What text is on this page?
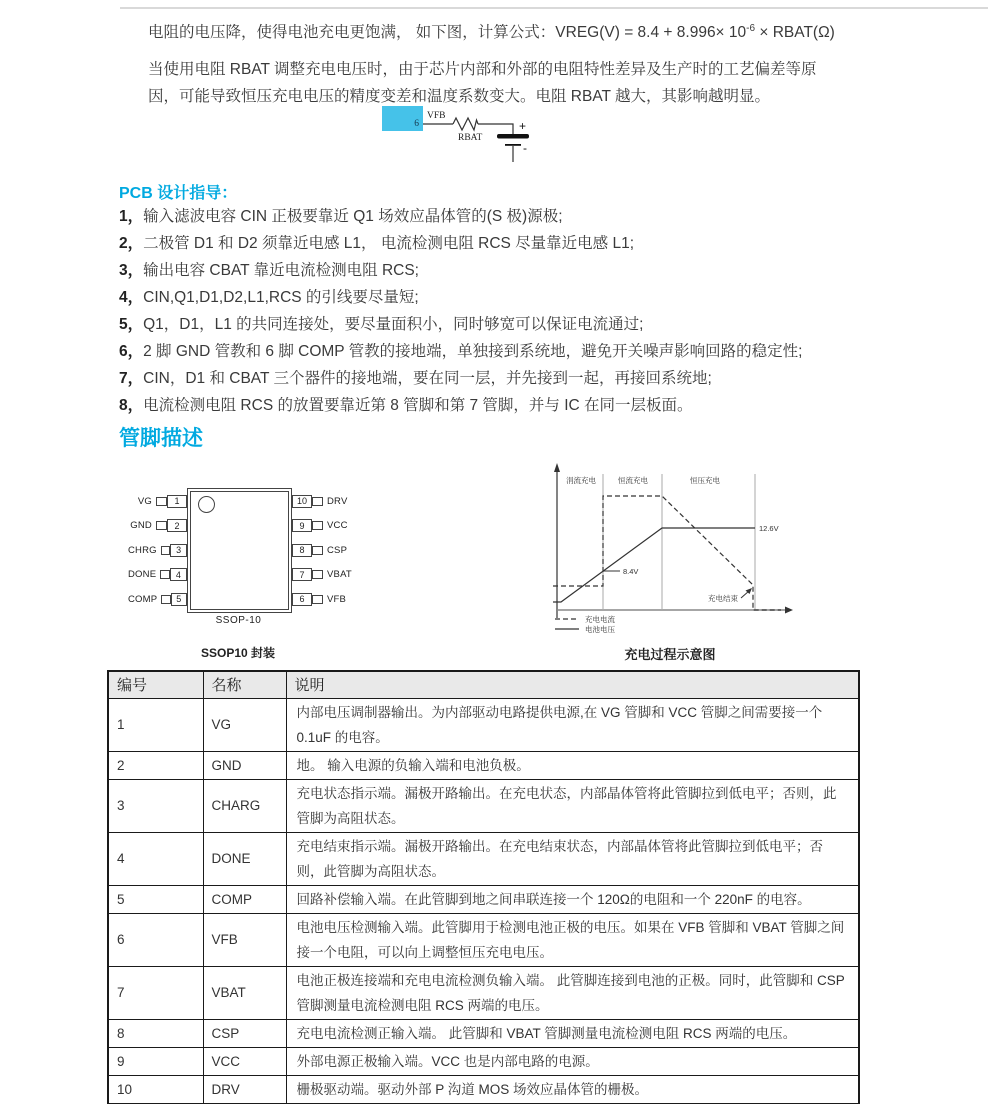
电阻的电压降，使得电池充电更饱满， 如下图，计算公式：VREG(V) = $8.4 + 8.996\times 10^{-6}$ × RBAT(Ω)
当使用电阻 RBAT 调整充电电压时，由于芯片内部和外部的电阻特性差异及生产时的工艺偏差等原
因，可能导致恒压充电电压的精度变差和温度系数变大。电阻 RBAT 越大，其影响越明显。
6
VFB
RBAT
+
-
PCB 设计指导：
1，输入滤波电容 CIN 正极要靠近 Q1 场效应晶体管的(S 极)源极;
2，二极管 D1 和 D2 须靠近电感 L1， 电流检测电阻 RCS 尽量靠近电感 L1;
3，输出电容 CBAT 靠近电流检测电阻 RCS;
4，CIN,Q1,D1,D2,L1,RCS 的引线要尽量短;
5，Q1，D1，L1 的共同连接处，要尽量面积小，同时够宽可以保证电流通过;
6，2 脚 GND 管教和 6 脚 COMP 管教的接地端，单独接到系统地，避免开关噪声影响回路的稳定性;
7，CIN，D1 和 CBAT 三个器件的接地端，要在同一层，并先接到一起，再接回系统地;
8，电流检测电阻 RCS 的放置要靠近第 8 管脚和第 7 管脚，并与 IC 在同一层板面。
管脚描述
VG	1
GND	2
CHRG	3
DONE	4
COMP	5
10	DRV
9	VCC
8	CSP
7	VBAT
6	VFB
SSOP-10
SSOP10 封装
涓流充电	恒流充电	恒压充电
8.4V
12.6V
充电结束
充电电流
电池电压
充电过程示意图
编号	名称	说明
1	VG	内部电压调制器输出。为内部驱动电路提供电源,在 VG 管脚和 VCC 管脚之间需要接一个 0.1uF 的电容。
2	GND	地。 输入电源的负输入端和电池负极。
3	CHARG	充电状态指示端。漏极开路输出。在充电状态，内部晶体管将此管脚拉到低电平；否则，此管脚为高阻状态。
4	DONE	充电结束指示端。漏极开路输出。在充电结束状态，内部晶体管将此管脚拉到低电平；否则，此管脚为高阻状态。
5	COMP	回路补偿输入端。在此管脚到地之间串联连接一个 120Ω的电阻和一个 220nF 的电容。
6	VFB	电池电压检测输入端。此管脚用于检测电池正极的电压。如果在 VFB 管脚和 VBAT 管脚之间接一个电阻，可以向上调整恒压充电电压。
7	VBAT	电池正极连接端和充电电流检测负输入端。 此管脚连接到电池的正极。同时，此管脚和 CSP 管脚测量电流检测电阻 RCS 两端的电压。
8	CSP	充电电流检测正输入端。 此管脚和 VBAT 管脚测量电流检测电阻 RCS 两端的电压。
9	VCC	外部电源正极输入端。VCC 也是内部电路的电源。
10	DRV	栅极驱动端。驱动外部 P 沟道 MOS 场效应晶体管的栅极。
